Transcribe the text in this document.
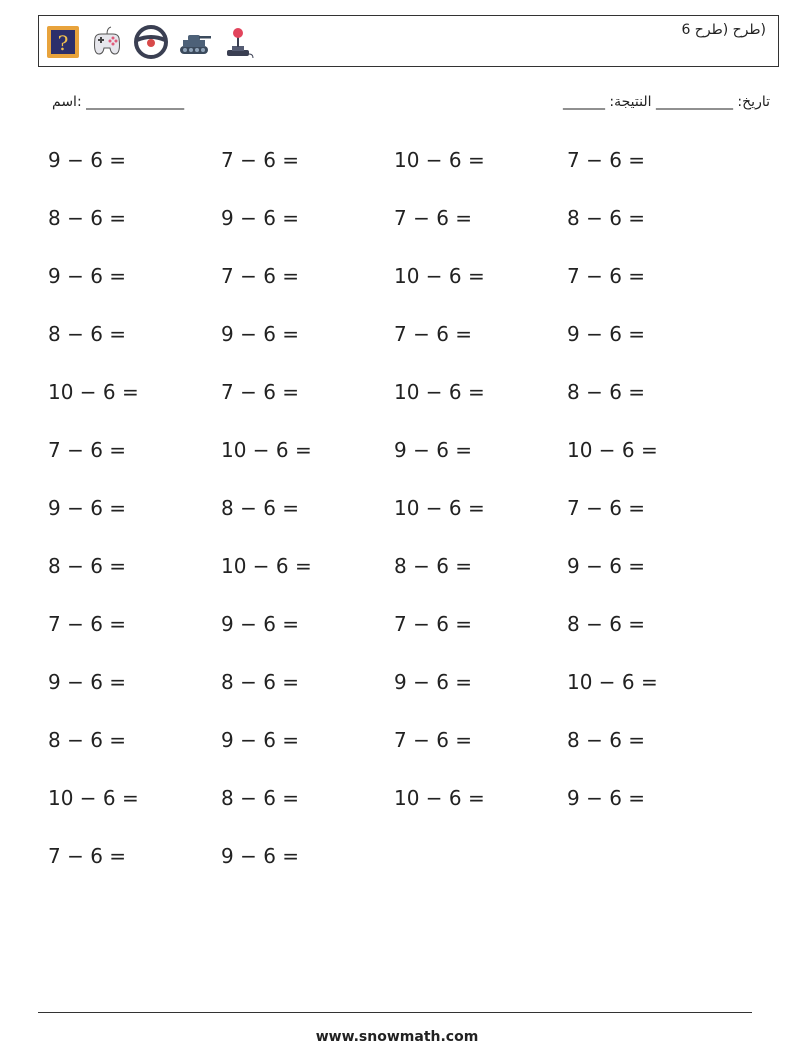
?
(طرح (طرح 6
اسم: ______________	______ :تاريخ: ___________ النتيجة
9 − 6 =	7 − 6 =	10 − 6 =	7 − 6 =
8 − 6 =	9 − 6 =	7 − 6 =	8 − 6 =
9 − 6 =	7 − 6 =	10 − 6 =	7 − 6 =
8 − 6 =	9 − 6 =	7 − 6 =	9 − 6 =
10 − 6 =	7 − 6 =	10 − 6 =	8 − 6 =
7 − 6 =	10 − 6 =	9 − 6 =	10 − 6 =
9 − 6 =	8 − 6 =	10 − 6 =	7 − 6 =
8 − 6 =	10 − 6 =	8 − 6 =	9 − 6 =
7 − 6 =	9 − 6 =	7 − 6 =	8 − 6 =
9 − 6 =	8 − 6 =	9 − 6 =	10 − 6 =
8 − 6 =	9 − 6 =	7 − 6 =	8 − 6 =
10 − 6 =	8 − 6 =	10 − 6 =	9 − 6 =
7 − 6 =	9 − 6 =
www.snowmath.com
